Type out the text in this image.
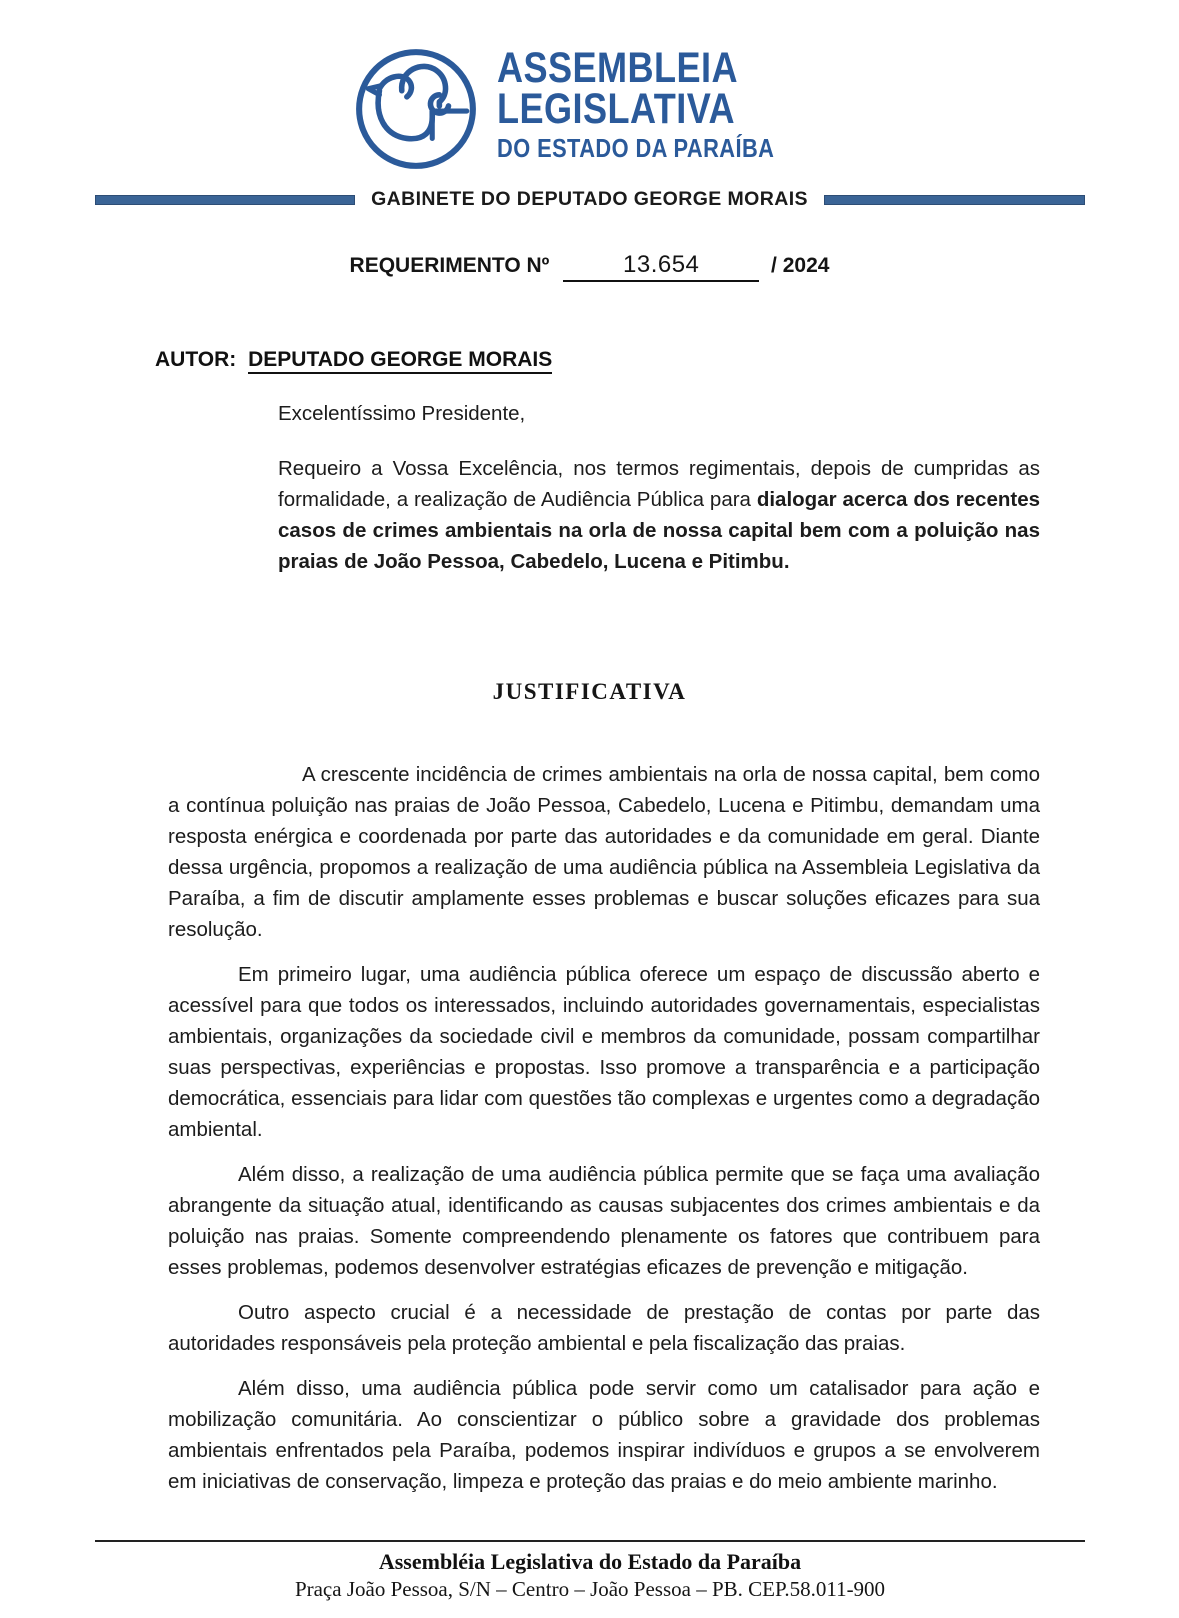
ASSEMBLEIA
LEGISLATIVA
DO ESTADO DA PARAÍBA
GABINETE DO DEPUTADO GEORGE MORAIS
REQUERIMENTO Nº	13.654	/ 2024
AUTOR: DEPUTADO GEORGE MORAIS
Excelentíssimo Presidente,
Requeiro a Vossa Excelência, nos termos regimentais, depois de cumpridas as formalidade, a realização de Audiência Pública para dialogar acerca dos recentes casos de crimes ambientais na orla de nossa capital bem com a poluição nas praias de João Pessoa, Cabedelo, Lucena e Pitimbu.
JUSTIFICATIVA

A crescente incidência de crimes ambientais na orla de nossa capital, bem como a contínua poluição nas praias de João Pessoa, Cabedelo, Lucena e Pitimbu, demandam uma resposta enérgica e coordenada por parte das autoridades e da comunidade em geral. Diante dessa urgência, propomos a realização de uma audiência pública na Assembleia Legislativa da Paraíba, a fim de discutir amplamente esses problemas e buscar soluções eficazes para sua resolução.

Em primeiro lugar, uma audiência pública oferece um espaço de discussão aberto e acessível para que todos os interessados, incluindo autoridades governamentais, especialistas ambientais, organizações da sociedade civil e membros da comunidade, possam compartilhar suas perspectivas, experiências e propostas. Isso promove a transparência e a participação democrática, essenciais para lidar com questões tão complexas e urgentes como a degradação ambiental.

Além disso, a realização de uma audiência pública permite que se faça uma avaliação abrangente da situação atual, identificando as causas subjacentes dos crimes ambientais e da poluição nas praias. Somente compreendendo plenamente os fatores que contribuem para esses problemas, podemos desenvolver estratégias eficazes de prevenção e mitigação.

Outro aspecto crucial é a necessidade de prestação de contas por parte das autoridades responsáveis pela proteção ambiental e pela fiscalização das praias.

Além disso, uma audiência pública pode servir como um catalisador para ação e mobilização comunitária. Ao conscientizar o público sobre a gravidade dos problemas ambientais enfrentados pela Paraíba, podemos inspirar indivíduos e grupos a se envolverem em iniciativas de conservação, limpeza e proteção das praias e do meio ambiente marinho.

Assembléia Legislativa do Estado da Paraíba
Praça João Pessoa, S/N – Centro – João Pessoa – PB. CEP.58.011-900
